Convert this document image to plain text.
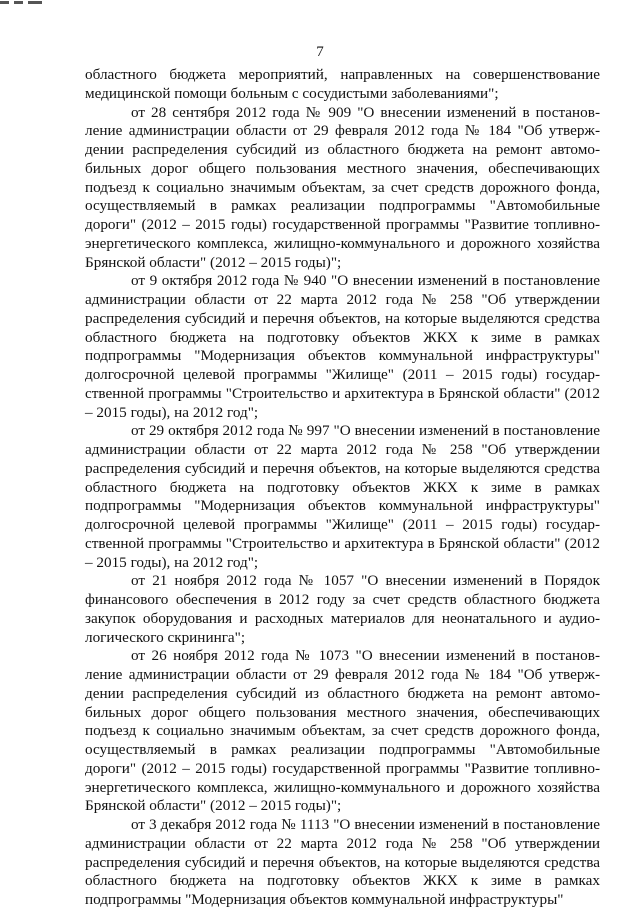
7

областного бюджета мероприятий, направленных на совершенствование медицинской помощи больным с сосудистыми заболеваниями";

от 28 сентября 2012 года № 909 "О внесении изменений в постановление администрации области от 29 февраля 2012 года № 184 "Об утверждении распределения субсидий из областного бюджета на ремонт автомобильных дорог общего пользования местного значения, обеспечивающих подъезд к социально значимым объектам, за счет средств дорожного фонда, осуществляемый в рамках реализации подпрограммы "Автомобильные дороги" (2012 – 2015 годы) государственной программы "Развитие топливно-энергетического комплекса, жилищно-коммунального и дорожного хозяйства Брянской области" (2012 – 2015 годы)";

от 9 октября 2012 года № 940 "О внесении изменений в постановление администрации области от 22 марта 2012 года № 258 "Об утверждении распределения субсидий и перечня объектов, на которые выделяются средства областного бюджета на подготовку объектов ЖКХ к зиме в рамках подпрограммы "Модернизация объектов коммунальной инфраструктуры" долгосрочной целевой программы "Жилище" (2011 – 2015 годы) государственной программы "Строительство и архитектура в Брянской области" (2012 – 2015 годы), на 2012 год";

от 29 октября 2012 года № 997 "О внесении изменений в постановление администрации области от 22 марта 2012 года № 258 "Об утверждении распределения субсидий и перечня объектов, на которые выделяются средства областного бюджета на подготовку объектов ЖКХ к зиме в рамках подпрограммы "Модернизация объектов коммунальной инфраструктуры" долгосрочной целевой программы "Жилище" (2011 – 2015 годы) государственной программы "Строительство и архитектура в Брянской области" (2012 – 2015 годы), на 2012 год";

от 21 ноября 2012 года № 1057 "О внесении изменений в Порядок финансового обеспечения в 2012 году за счет средств областного бюджета закупок оборудования и расходных материалов для неонатального и аудиологического скрининга";

от 26 ноября 2012 года № 1073 "О внесении изменений в постановление администрации области от 29 февраля 2012 года № 184 "Об утверждении распределения субсидий из областного бюджета на ремонт автомобильных дорог общего пользования местного значения, обеспечивающих подъезд к социально значимым объектам, за счет средств дорожного фонда, осуществляемый в рамках реализации подпрограммы "Автомобильные дороги" (2012 – 2015 годы) государственной программы "Развитие топливно-энергетического комплекса, жилищно-коммунального и дорожного хозяйства Брянской области" (2012 – 2015 годы)";

от 3 декабря 2012 года № 1113 "О внесении изменений в постановление администрации области от 22 марта 2012 года № 258 "Об утверждении распределения субсидий и перечня объектов, на которые выделяются средства областного бюджета на подготовку объектов ЖКХ к зиме в рамках подпрограммы "Модернизация объектов коммунальной инфраструктуры"
